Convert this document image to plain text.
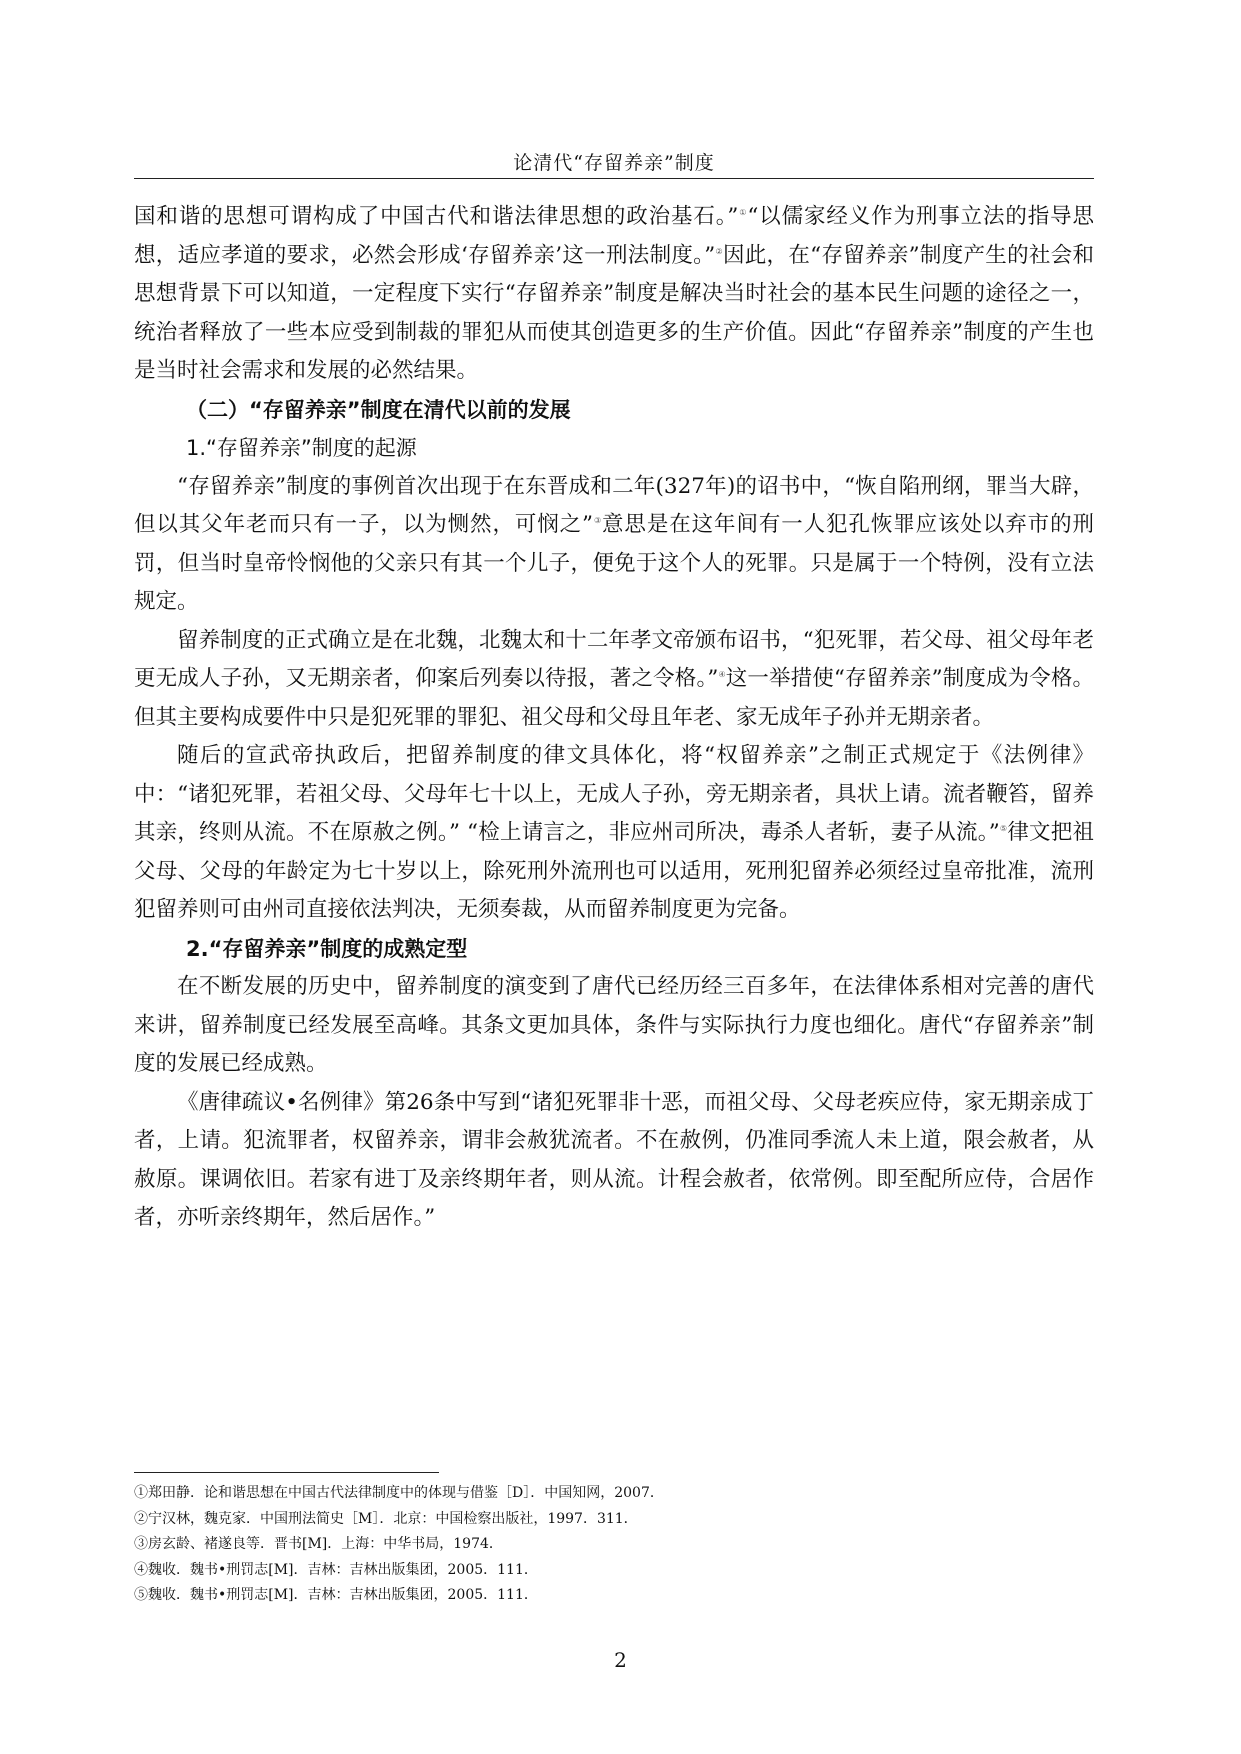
论清代“存留养亲”制度

国和谐的思想可谓构成了中国古代和谐法律思想的政治基石。”①“以儒家经义作为刑事立法的指导思想，适应孝道的要求，必然会形成‘存留养亲’这一刑法制度。”②因此，在“存留养亲”制度产生的社会和思想背景下可以知道，一定程度下实行“存留养亲”制度是解决当时社会的基本民生问题的途径之一，统治者释放了一些本应受到制裁的罪犯从而使其创造更多的生产价值。因此“存留养亲”制度的产生也是当时社会需求和发展的必然结果。

（二）“存留养亲”制度在清代以前的发展

1.“存留养亲”制度的起源

“存留养亲”制度的事例首次出现于在东晋成和二年(327年)的诏书中，“恢自陷刑纲，罪当大辟，但以其父年老而只有一子，以为恻然，可悯之”③意思是在这年间有一人犯孔恢罪应该处以弃市的刑罚，但当时皇帝怜悯他的父亲只有其一个儿子，便免于这个人的死罪。只是属于一个特例，没有立法规定。

留养制度的正式确立是在北魏，北魏太和十二年孝文帝颁布诏书，“犯死罪，若父母、祖父母年老更无成人子孙，又无期亲者，仰案后列奏以待报，著之令格。”④这一举措使“存留养亲”制度成为令格。但其主要构成要件中只是犯死罪的罪犯、祖父母和父母且年老、家无成年子孙并无期亲者。

随后的宣武帝执政后，把留养制度的律文具体化，将“权留养亲”之制正式规定于《法例律》中：“诸犯死罪，若祖父母、父母年七十以上，无成人子孙，旁无期亲者，具状上请。流者鞭笞，留养其亲，终则从流。不在原赦之例。” “检上请言之，非应州司所决，毒杀人者斩，妻子从流。”⑤律文把祖父母、父母的年龄定为七十岁以上，除死刑外流刑也可以适用，死刑犯留养必须经过皇帝批准，流刑犯留养则可由州司直接依法判决，无须奏裁，从而留养制度更为完备。

2.“存留养亲”制度的成熟定型

在不断发展的历史中，留养制度的演变到了唐代已经历经三百多年，在法律体系相对完善的唐代来讲，留养制度已经发展至高峰。其条文更加具体，条件与实际执行力度也细化。唐代“存留养亲”制度的发展已经成熟。

《唐律疏议•名例律》第26条中写到“诸犯死罪非十恶，而祖父母、父母老疾应侍，家无期亲成丁者，上请。犯流罪者，权留养亲，谓非会赦犹流者。不在赦例，仍准同季流人未上道，限会赦者，从赦原。课调依旧。若家有进丁及亲终期年者，则从流。计程会赦者，依常例。即至配所应侍，合居作者，亦听亲终期年，然后居作。”

①郑田静．论和谐思想在中国古代法律制度中的体现与借鉴［D］．中国知网，2007．

②宁汉林，魏克家．中国刑法简史［M］．北京：中国检察出版社，1997．311．

③房玄龄、褚遂良等．晋书[M]．上海：中华书局，1974．

④魏收．魏书•刑罚志[M]．吉林：吉林出版集团，2005．111．

⑤魏收．魏书•刑罚志[M]．吉林：吉林出版集团，2005．111．

2
